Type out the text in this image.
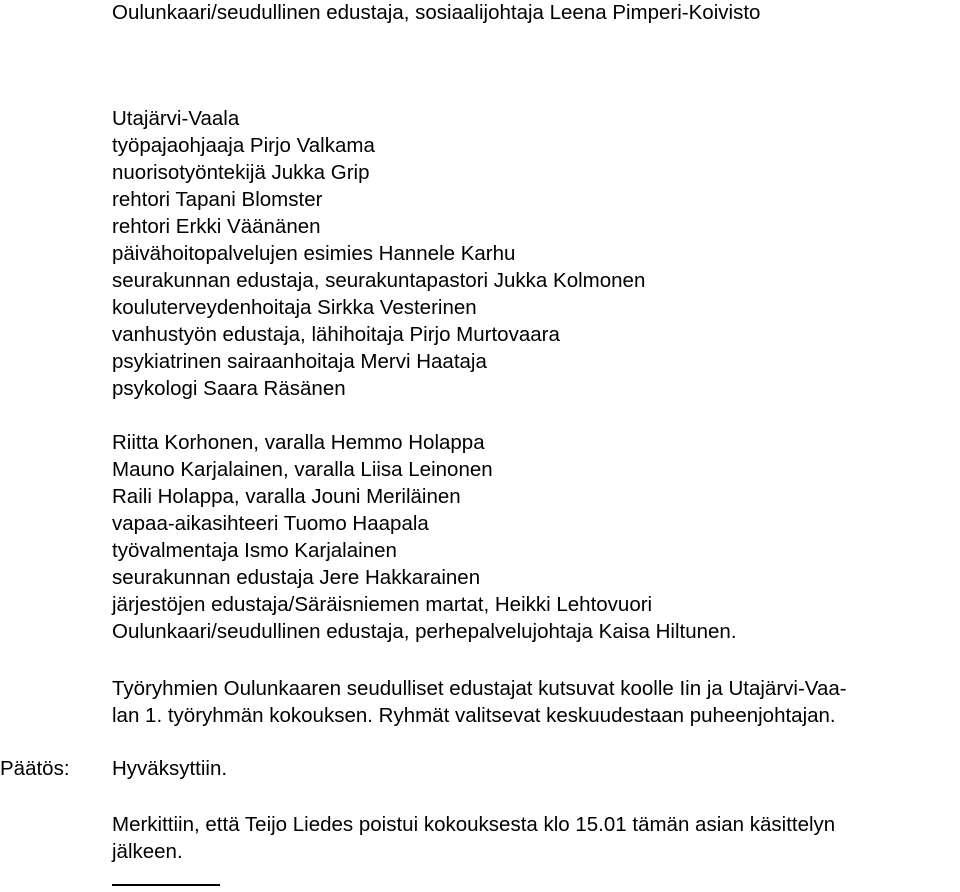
Oulunkaari/seudullinen edustaja, sosiaalijohtaja Leena Pimperi-Koivisto
Utajärvi-Vaala
työpajaohjaaja Pirjo Valkama
nuorisotyöntekijä Jukka Grip
rehtori Tapani Blomster
rehtori Erkki Väänänen
päivähoitopalvelujen esimies Hannele Karhu
seurakunnan edustaja, seurakuntapastori Jukka Kolmonen
kouluterveydenhoitaja Sirkka Vesterinen
vanhustyön edustaja, lähihoitaja Pirjo Murtovaara
psykiatrinen sairaanhoitaja Mervi Haataja
psykologi Saara Räsänen
Riitta Korhonen, varalla Hemmo Holappa
Mauno Karjalainen, varalla Liisa Leinonen
Raili Holappa, varalla Jouni Meriläinen
vapaa-aikasihteeri Tuomo Haapala
työvalmentaja Ismo Karjalainen
seurakunnan edustaja Jere Hakkarainen
järjestöjen edustaja/Säräisniemen martat, Heikki Lehtovuori
Oulunkaari/seudullinen edustaja, perhepalvelujohtaja Kaisa Hiltunen.
Työryhmien Oulunkaaren seudulliset edustajat kutsuvat koolle Iin ja Utajärvi-Vaa-
lan 1. työryhmän kokouksen. Ryhmät valitsevat keskuudestaan puheenjohtajan.
Päätös: Hyväksyttiin.
Merkittiin, että Teijo Liedes poistui kokouksesta klo 15.01 tämän asian käsittelyn
jälkeen.
